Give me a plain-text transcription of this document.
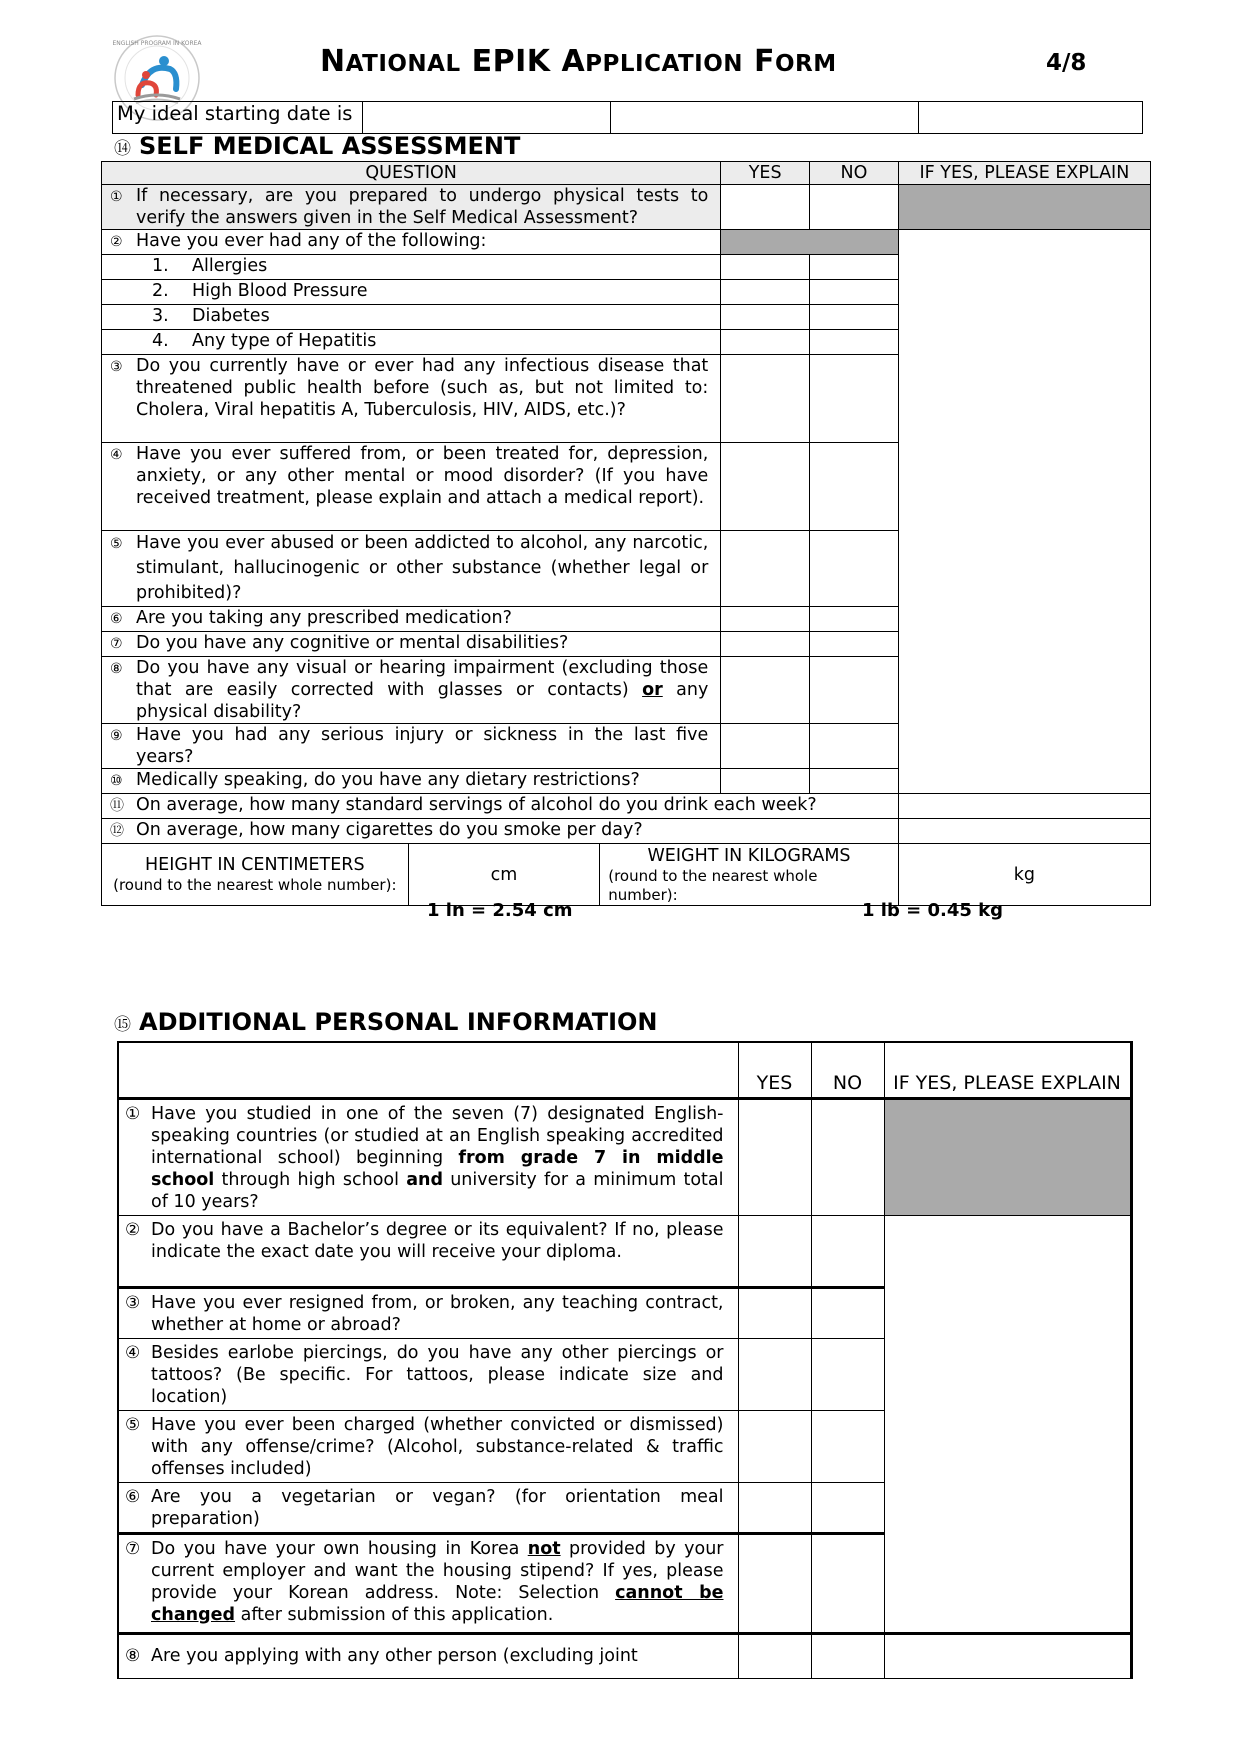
ENGLISH PROGRAM IN KOREA
NATIONAL EPIK APPLICATION FORM	4/8
My ideal starting date is			
⑭ SELF MEDICAL ASSESSMENT
QUESTION			YES	NO	IF YES, PLEASE EXPLAIN
① If necessary, are you prepared to undergo physical tests to verify the answers given in the Self Medical Assessment?					
② Have you ever had any of the following:					
1. Allergies					
2. High Blood Pressure					
3. Diabetes					
4. Any type of Hepatitis					
③ Do you currently have or ever had any infectious disease that threatened public health before (such as, but not limited to: Cholera, Viral hepatitis A, Tuberculosis, HIV, AIDS, etc.)?					
④ Have you ever suffered from, or been treated for, depression, anxiety, or any other mental or mood disorder? (If you have received treatment, please explain and attach a medical report).					
⑤ Have you ever abused or been addicted to alcohol, any narcotic, stimulant, hallucinogenic or other substance (whether legal or prohibited)?					
⑥ Are you taking any prescribed medication?					
⑦ Do you have any cognitive or mental disabilities?					
⑧ Do you have any visual or hearing impairment (excluding those that are easily corrected with glasses or contacts) or any physical disability?					
⑨ Have you had any serious injury or sickness in the last five years?					
⑩ Medically speaking, do you have any dietary restrictions?					
⑪ On average, how many standard servings of alcohol do you drink each week?					
⑫ On average, how many cigarettes do you smoke per day?					

HEIGHT IN CENTIMETERS
(round to the nearest whole number):
	cm	
WEIGHT IN KILOGRAMS
(round to the nearest whole number):
	kg
1 in = 2.54 cm	1 lb = 0.45 kg
⑮ ADDITIONAL PERSONAL INFORMATION
	YES	NO	IF YES, PLEASE EXPLAIN
① Have you studied in one of the seven (7) designated English-speaking countries (or studied at an English speaking accredited international school) beginning from grade 7 in middle school through high school and university for a minimum total of 10 years?			
② Do you have a Bachelor’s degree or its equivalent? If no, please indicate the exact date you will receive your diploma.			
③ Have you ever resigned from, or broken, any teaching contract, whether at home or abroad?			
④ Besides earlobe piercings, do you have any other piercings or tattoos? (Be specific. For tattoos, please indicate size and location)			
⑤ Have you ever been charged (whether convicted or dismissed) with any offense/crime? (Alcohol, substance-related & traffic offenses included)			
⑥ Are you a vegetarian or vegan? (for orientation meal preparation)			
⑦ Do you have your own housing in Korea not provided by your current employer and want the housing stipend? If yes, please provide your Korean address. Note: Selection cannot be changed after submission of this application.			
⑧ Are you applying with any other person (excluding joint			
